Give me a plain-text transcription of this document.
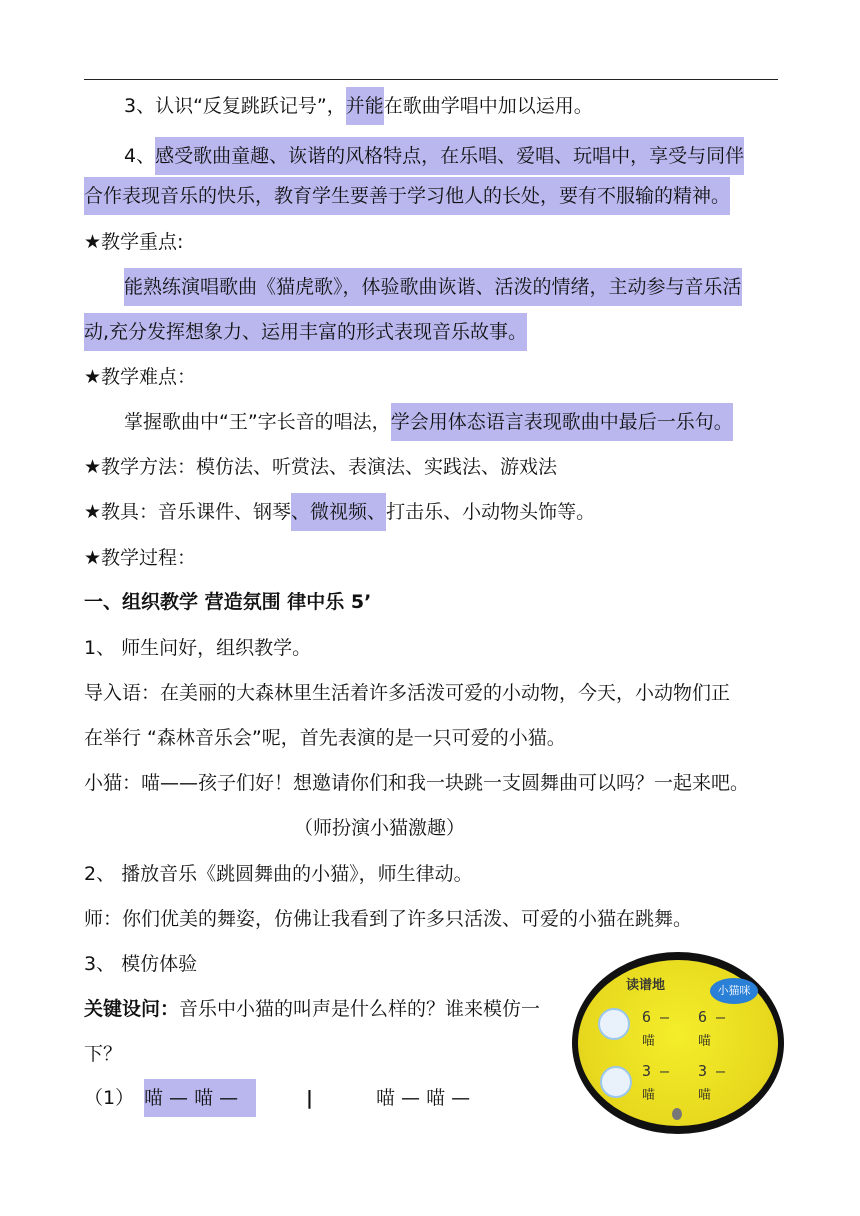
3、认识“反复跳跃记号”，并能在歌曲学唱中加以运用。
4、感受歌曲童趣、诙谐的风格特点，在乐唱、爱唱、玩唱中，享受与同伴
合作表现音乐的快乐，教育学生要善于学习他人的长处，要有不服输的精神。
★教学重点:
能熟练演唱歌曲《猫虎歌》，体验歌曲诙谐、活泼的情绪，主动参与音乐活
动,充分发挥想象力、运用丰富的形式表现音乐故事。
★教学难点：
掌握歌曲中“王”字长音的唱法，学会用体态语言表现歌曲中最后一乐句。
★教学方法：模仿法、听赏法、表演法、实践法、游戏法
★教具：音乐课件、钢琴、微视频、打击乐、小动物头饰等。
★教学过程：
一、组织教学 营造氛围 律中乐 5’
1、 师生问好，组织教学。
导入语：在美丽的大森林里生活着许多活泼可爱的小动物，今天，小动物们正
在举行 “森林音乐会”呢，首先表演的是一只可爱的小猫。
小猫：喵——孩子们好！想邀请你们和我一块跳一支圆舞曲可以吗？一起来吧。
（师扮演小猫激趣）
2、 播放音乐《跳圆舞曲的小猫》，师生律动。
师：你们优美的舞姿，仿佛让我看到了许多只活泼、可爱的小猫在跳舞。
3、 模仿体验
关键设问：音乐中小猫的叫声是什么样的？谁来模仿一
下？
（1） 喵 — 喵 —	|	喵 — 喵 —
读谱地	小猫咪
6 — 6 —
喵	喵
3 — 3 —
喵	喵
